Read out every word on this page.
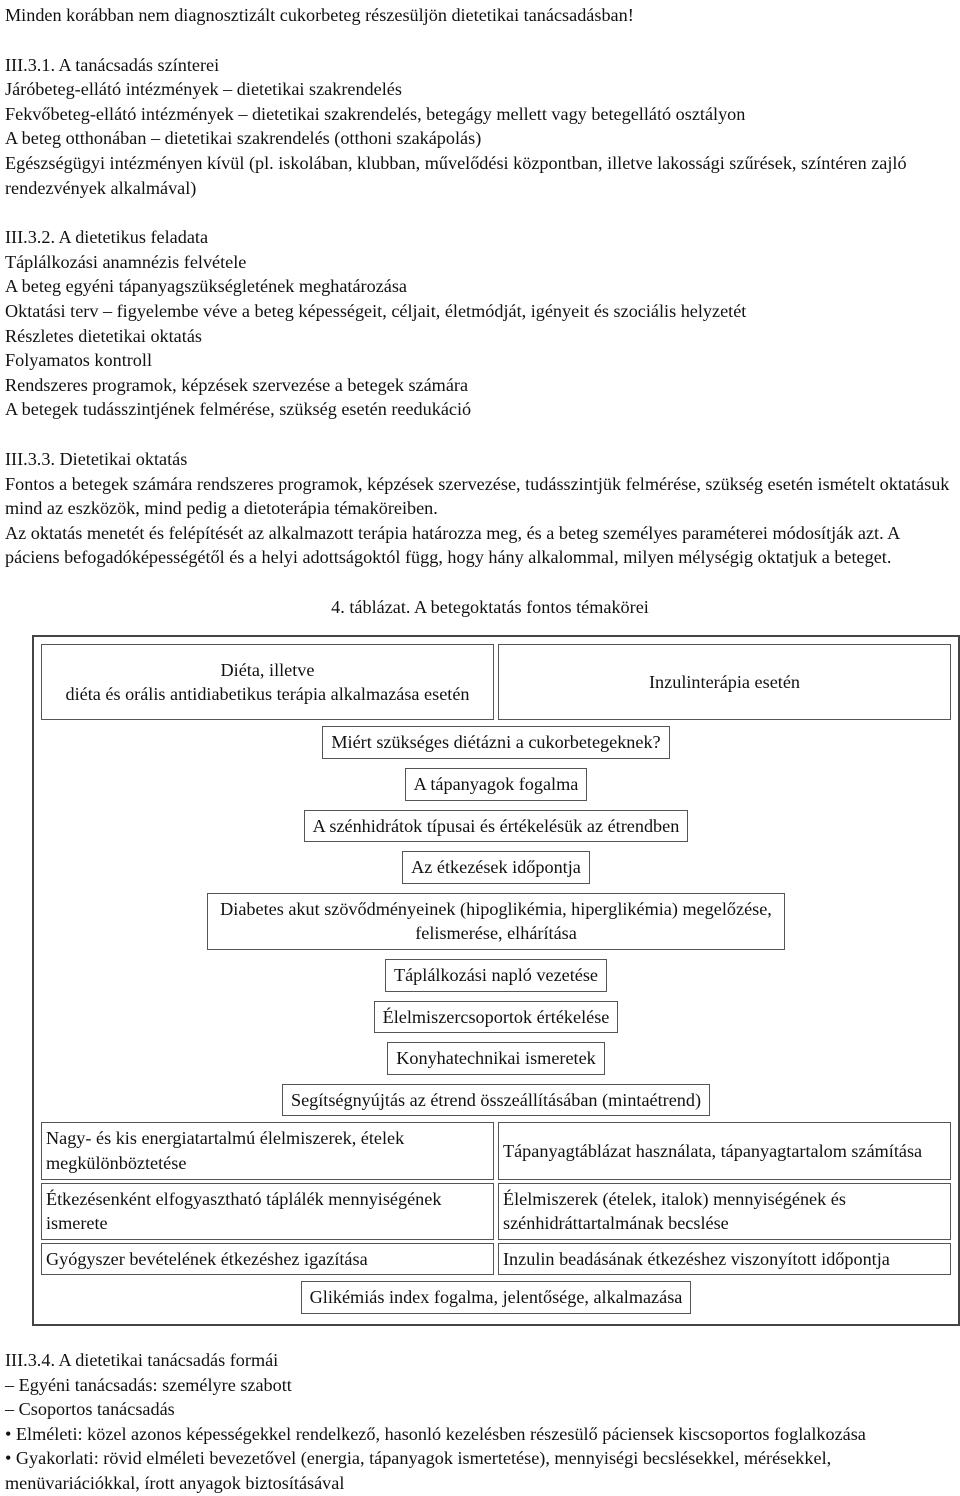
Minden korábban nem diagnosztizált cukorbeteg részesüljön dietetikai tanácsadásban!

III.3.1. A tanácsadás színterei

Járóbeteg-ellátó intézmények – dietetikai szakrendelés

Fekvőbeteg-ellátó intézmények – dietetikai szakrendelés, betegágy mellett vagy betegellátó osztályon

A beteg otthonában – dietetikai szakrendelés (otthoni szakápolás)

Egészségügyi intézményen kívül (pl. iskolában, klubban, művelődési központban, illetve lakossági szűrések, színtéren zajló rendezvények alkalmával)

III.3.2. A dietetikus feladata

Táplálkozási anamnézis felvétele

A beteg egyéni tápanyagszükségletének meghatározása

Oktatási terv – figyelembe véve a beteg képességeit, céljait, életmódját, igényeit és szociális helyzetét

Részletes dietetikai oktatás

Folyamatos kontroll

Rendszeres programok, képzések szervezése a betegek számára

A betegek tudásszintjének felmérése, szükség esetén reedukáció

III.3.3. Dietetikai oktatás

Fontos a betegek számára rendszeres programok, képzések szervezése, tudásszintjük felmérése, szükség esetén ismételt oktatásuk mind az eszközök, mind pedig a dietoterápia témaköreiben.

Az oktatás menetét és felépítését az alkalmazott terápia határozza meg, és a beteg személyes paraméterei módosítják azt. A páciens befogadóképességétől és a helyi adottságoktól függ, hogy hány alkalommal, milyen mélységig oktatjuk a beteget.

4. táblázat. A betegoktatás fontos témakörei

Diéta, illetve
diéta és orális antidiabetikus terápia alkalmazása esetén	Inzulinterápia esetén
Miért szükséges diétázni a cukorbetegeknek?	
A tápanyagok fogalma	
A szénhidrátok típusai és értékelésük az étrendben	
Az étkezések időpontja	
Diabetes akut szövődményeinek (hipoglikémia, hiperglikémia) megelőzése, felismerése, elhárítása	
Táplálkozási napló vezetése	
Élelmiszercsoportok értékelése	
Konyhatechnikai ismeretek	
Segítségnyújtás az étrend összeállításában (mintaétrend)	
Nagy- és kis energiatartalmú élelmiszerek, ételek megkülönböztetése	Tápanyagtáblázat használata, tápanyagtartalom számítása
Étkezésenként elfogyasztható táplálék mennyiségének ismerete	Élelmiszerek (ételek, italok) mennyiségének és szénhidráttartalmának becslése
Gyógyszer bevételének étkezéshez igazítása	Inzulin beadásának étkezéshez viszonyított időpontja
Glikémiás index fogalma, jelentősége, alkalmazása	

III.3.4. A dietetikai tanácsadás formái

– Egyéni tanácsadás: személyre szabott

– Csoportos tanácsadás

• Elméleti: közel azonos képességekkel rendelkező, hasonló kezelésben részesülő páciensek kiscsoportos foglalkozása

• Gyakorlati: rövid elméleti bevezetővel (energia, tápanyagok ismertetése), mennyiségi becslésekkel, mérésekkel, menüvariációkkal, írott anyagok biztosításával
